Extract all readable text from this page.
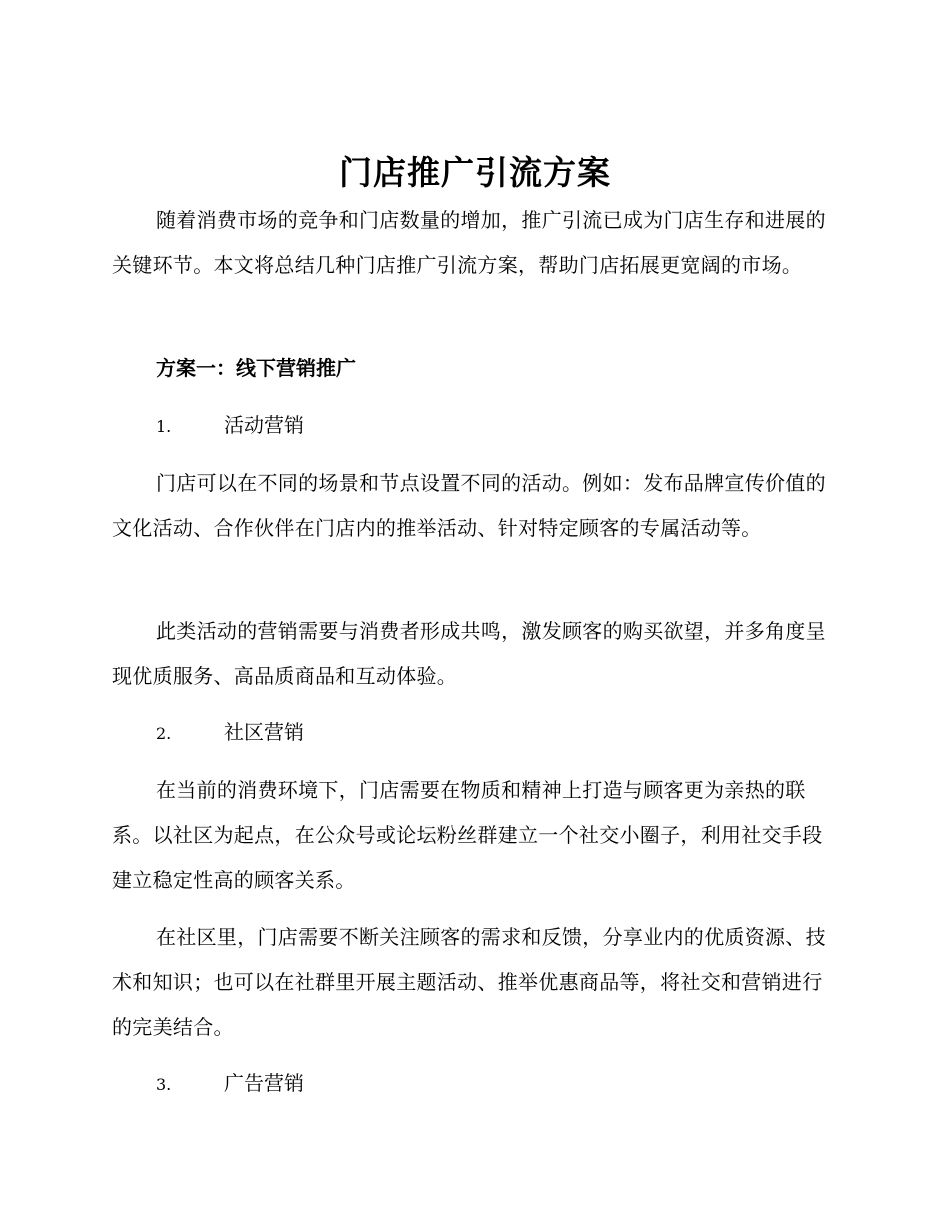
门店推广引流方案

随着消费市场的竞争和门店数量的增加，推广引流已成为门店生存和进展的关键环节。本文将总结几种门店推广引流方案，帮助门店拓展更宽阔的市场。

方案一：线下营销推广

1.	活动营销

门店可以在不同的场景和节点设置不同的活动。例如：发布品牌宣传价值的文化活动、合作伙伴在门店内的推举活动、针对特定顾客的专属活动等。

此类活动的营销需要与消费者形成共鸣，激发顾客的购买欲望，并多角度呈现优质服务、高品质商品和互动体验。

2.	社区营销

在当前的消费环境下，门店需要在物质和精神上打造与顾客更为亲热的联系。以社区为起点，在公众号或论坛粉丝群建立一个社交小圈子，利用社交手段建立稳定性高的顾客关系。

在社区里，门店需要不断关注顾客的需求和反馈，分享业内的优质资源、技术和知识；也可以在社群里开展主题活动、推举优惠商品等，将社交和营销进行的完美结合。

3.	广告营销
